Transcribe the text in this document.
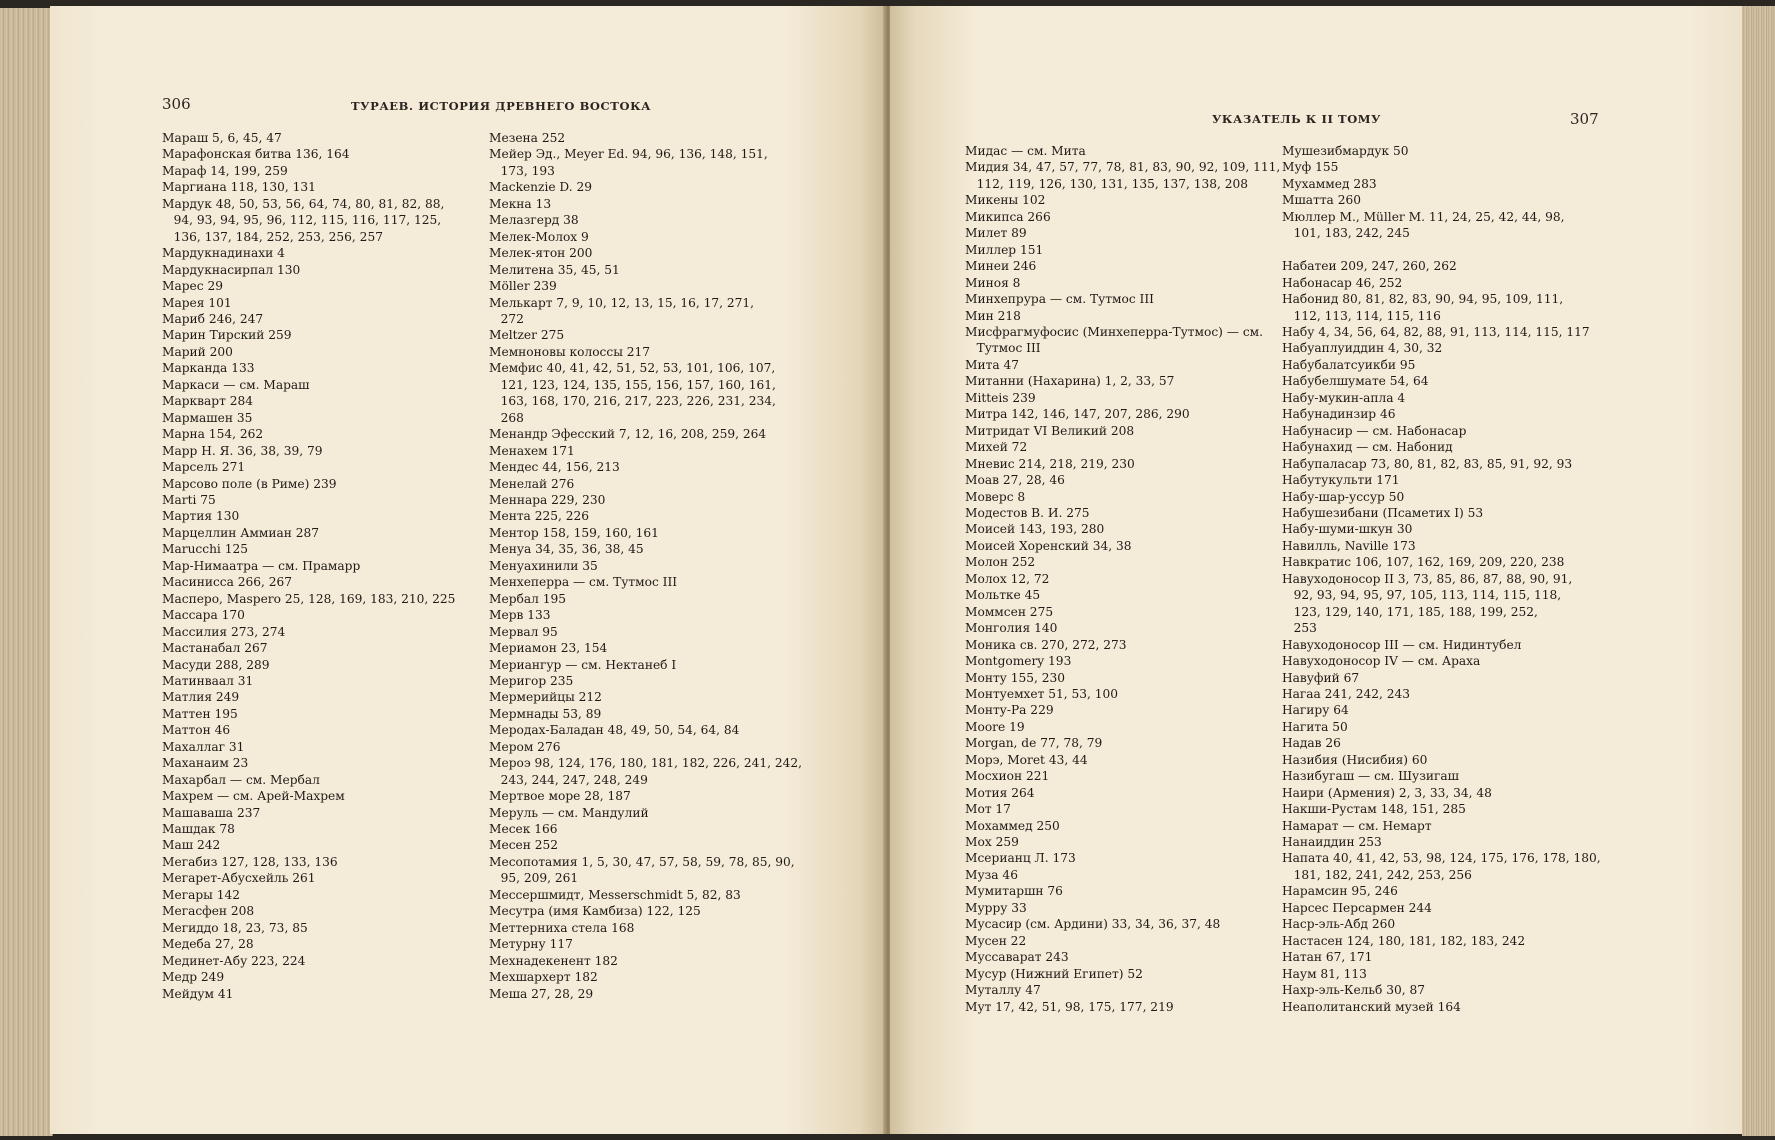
306	ТУРАЕВ. ИСТОРИЯ ДРЕВНЕГО ВОСТОКА
Мараш 5, 6, 45, 47
Марафонская битва 136, 164
Мараф 14, 199, 259
Маргиана 118, 130, 131
Мардук 48, 50, 53, 56, 64, 74, 80, 81, 82, 88,
94, 93, 94, 95, 96, 112, 115, 116, 117, 125,
136, 137, 184, 252, 253, 256, 257
Мардукнадинахи 4
Мардукнасирпал 130
Марес 29
Марея 101
Мариб 246, 247
Марин Тирский 259
Марий 200
Марканда 133
Маркаси — см. Мараш
Маркварт 284
Мармашен 35
Марна 154, 262
Марр Н. Я. 36, 38, 39, 79
Марсель 271
Марсово поле (в Риме) 239
Marti 75
Мартия 130
Марцеллин Аммиан 287
Marucchi 125
Мар-Нимаатра — см. Прамарр
Масинисса 266, 267
Масперо, Maspero 25, 128, 169, 183, 210, 225
Массара 170
Массилия 273, 274
Мастанабал 267
Масуди 288, 289
Матинваал 31
Матлия 249
Маттен 195
Маттон 46
Махаллаг 31
Маханаим 23
Махарбал — см. Мербал
Махрем — см. Арей-Махрем
Машаваша 237
Машдак 78
Маш 242
Мегабиз 127, 128, 133, 136
Мегарет-Абусхейль 261
Мегары 142
Мегасфен 208
Мегиддо 18, 23, 73, 85
Медеба 27, 28
Мединет-Абу 223, 224
Медр 249
Мейдум 41
Мезена 252
Мейер Эд., Meyer Ed. 94, 96, 136, 148, 151,
173, 193
Mackenzie D. 29
Мекна 13
Мелазгерд 38
Мелек-Молох 9
Мелек-ятон 200
Мелитена 35, 45, 51
Möller 239
Мелькарт 7, 9, 10, 12, 13, 15, 16, 17, 271,
272
Meltzer 275
Мемноновы колоссы 217
Мемфис 40, 41, 42, 51, 52, 53, 101, 106, 107,
121, 123, 124, 135, 155, 156, 157, 160, 161,
163, 168, 170, 216, 217, 223, 226, 231, 234,
268
Менандр Эфесский 7, 12, 16, 208, 259, 264
Менахем 171
Мендес 44, 156, 213
Менелай 276
Меннара 229, 230
Мента 225, 226
Ментор 158, 159, 160, 161
Менуа 34, 35, 36, 38, 45
Менуахинили 35
Менхеперра — см. Тутмос III
Мербал 195
Мерв 133
Мервал 95
Мериамон 23, 154
Мериангур — см. Нектанеб I
Меригор 235
Мермерийцы 212
Мермнады 53, 89
Меродах-Баладан 48, 49, 50, 54, 64, 84
Мером 276
Мероэ 98, 124, 176, 180, 181, 182, 226, 241, 242,
243, 244, 247, 248, 249
Мертвое море 28, 187
Меруль — см. Мандулий
Месек 166
Месен 252
Месопотамия 1, 5, 30, 47, 57, 58, 59, 78, 85, 90,
95, 209, 261
Мессершмидт, Messerschmidt 5, 82, 83
Месутра (имя Камбиза) 122, 125
Меттерниха стела 168
Метурну 117
Мехнадекенент 182
Мехшархерт 182
Меша 27, 28, 29
УКАЗАТЕЛЬ К II ТОМУ	307
Мидас — см. Мита
Мидия 34, 47, 57, 77, 78, 81, 83, 90, 92, 109, 111,
112, 119, 126, 130, 131, 135, 137, 138, 208
Микены 102
Микипса 266
Милет 89
Миллер 151
Минеи 246
Миноя 8
Минхепрура — см. Тутмос III
Мин 218
Мисфрагмуфосис (Минхеперра-Тутмос) — см.
Тутмос III
Мита 47
Митанни (Нахарина) 1, 2, 33, 57
Mitteis 239
Митра 142, 146, 147, 207, 286, 290
Митридат VI Великий 208
Михей 72
Мневис 214, 218, 219, 230
Моав 27, 28, 46
Моверс 8
Модестов В. И. 275
Моисей 143, 193, 280
Моисей Хоренский 34, 38
Молон 252
Молох 12, 72
Мольтке 45
Моммсен 275
Монголия 140
Моника св. 270, 272, 273
Montgomery 193
Монту 155, 230
Монтуемхет 51, 53, 100
Монту-Ра 229
Moore 19
Morgan, de 77, 78, 79
Морэ, Moret 43, 44
Мосхион 221
Мотия 264
Мот 17
Мохаммед 250
Мох 259
Мсерианц Л. 173
Муза 46
Мумитаршн 76
Мурру 33
Мусасир (см. Ардини) 33, 34, 36, 37, 48
Мусен 22
Муссаварат 243
Мусур (Нижний Египет) 52
Муталлу 47
Мут 17, 42, 51, 98, 175, 177, 219
Мушезибмардук 50
Муф 155
Мухаммед 283
Мшатта 260
Мюллер М., Müller M. 11, 24, 25, 42, 44, 98,
101, 183, 242, 245

Набатеи 209, 247, 260, 262
Набонасар 46, 252
Набонид 80, 81, 82, 83, 90, 94, 95, 109, 111,
112, 113, 114, 115, 116
Набу 4, 34, 56, 64, 82, 88, 91, 113, 114, 115, 117
Набуаплуиддин 4, 30, 32
Набубалатсуикби 95
Набубелшумате 54, 64
Набу-мукин-апла 4
Набунадинзир 46
Набунасир — см. Набонасар
Набунахид — см. Набонид
Набупаласар 73, 80, 81, 82, 83, 85, 91, 92, 93
Набутукульти 171
Набу-шар-уссур 50
Набушезибани (Псаметих I) 53
Набу-шуми-шкун 30
Навилль, Naville 173
Навкратис 106, 107, 162, 169, 209, 220, 238
Навуходоносор II 3, 73, 85, 86, 87, 88, 90, 91,
92, 93, 94, 95, 97, 105, 113, 114, 115, 118,
123, 129, 140, 171, 185, 188, 199, 252,
253
Навуходоносор III — см. Нидинтубел
Навуходоносор IV — см. Араха
Навуфий 67
Нагаа 241, 242, 243
Нагиру 64
Нагита 50
Надав 26
Назибия (Нисибия) 60
Назибугаш — см. Шузигаш
Наири (Армения) 2, 3, 33, 34, 48
Накши-Рустам 148, 151, 285
Намарат — см. Немарт
Нанаиддин 253
Напата 40, 41, 42, 53, 98, 124, 175, 176, 178, 180,
181, 182, 241, 242, 253, 256
Нарамсин 95, 246
Нарсес Персармен 244
Наср-эль-Абд 260
Настасен 124, 180, 181, 182, 183, 242
Натан 67, 171
Наум 81, 113
Нахр-эль-Кельб 30, 87
Неаполитанский музей 164
